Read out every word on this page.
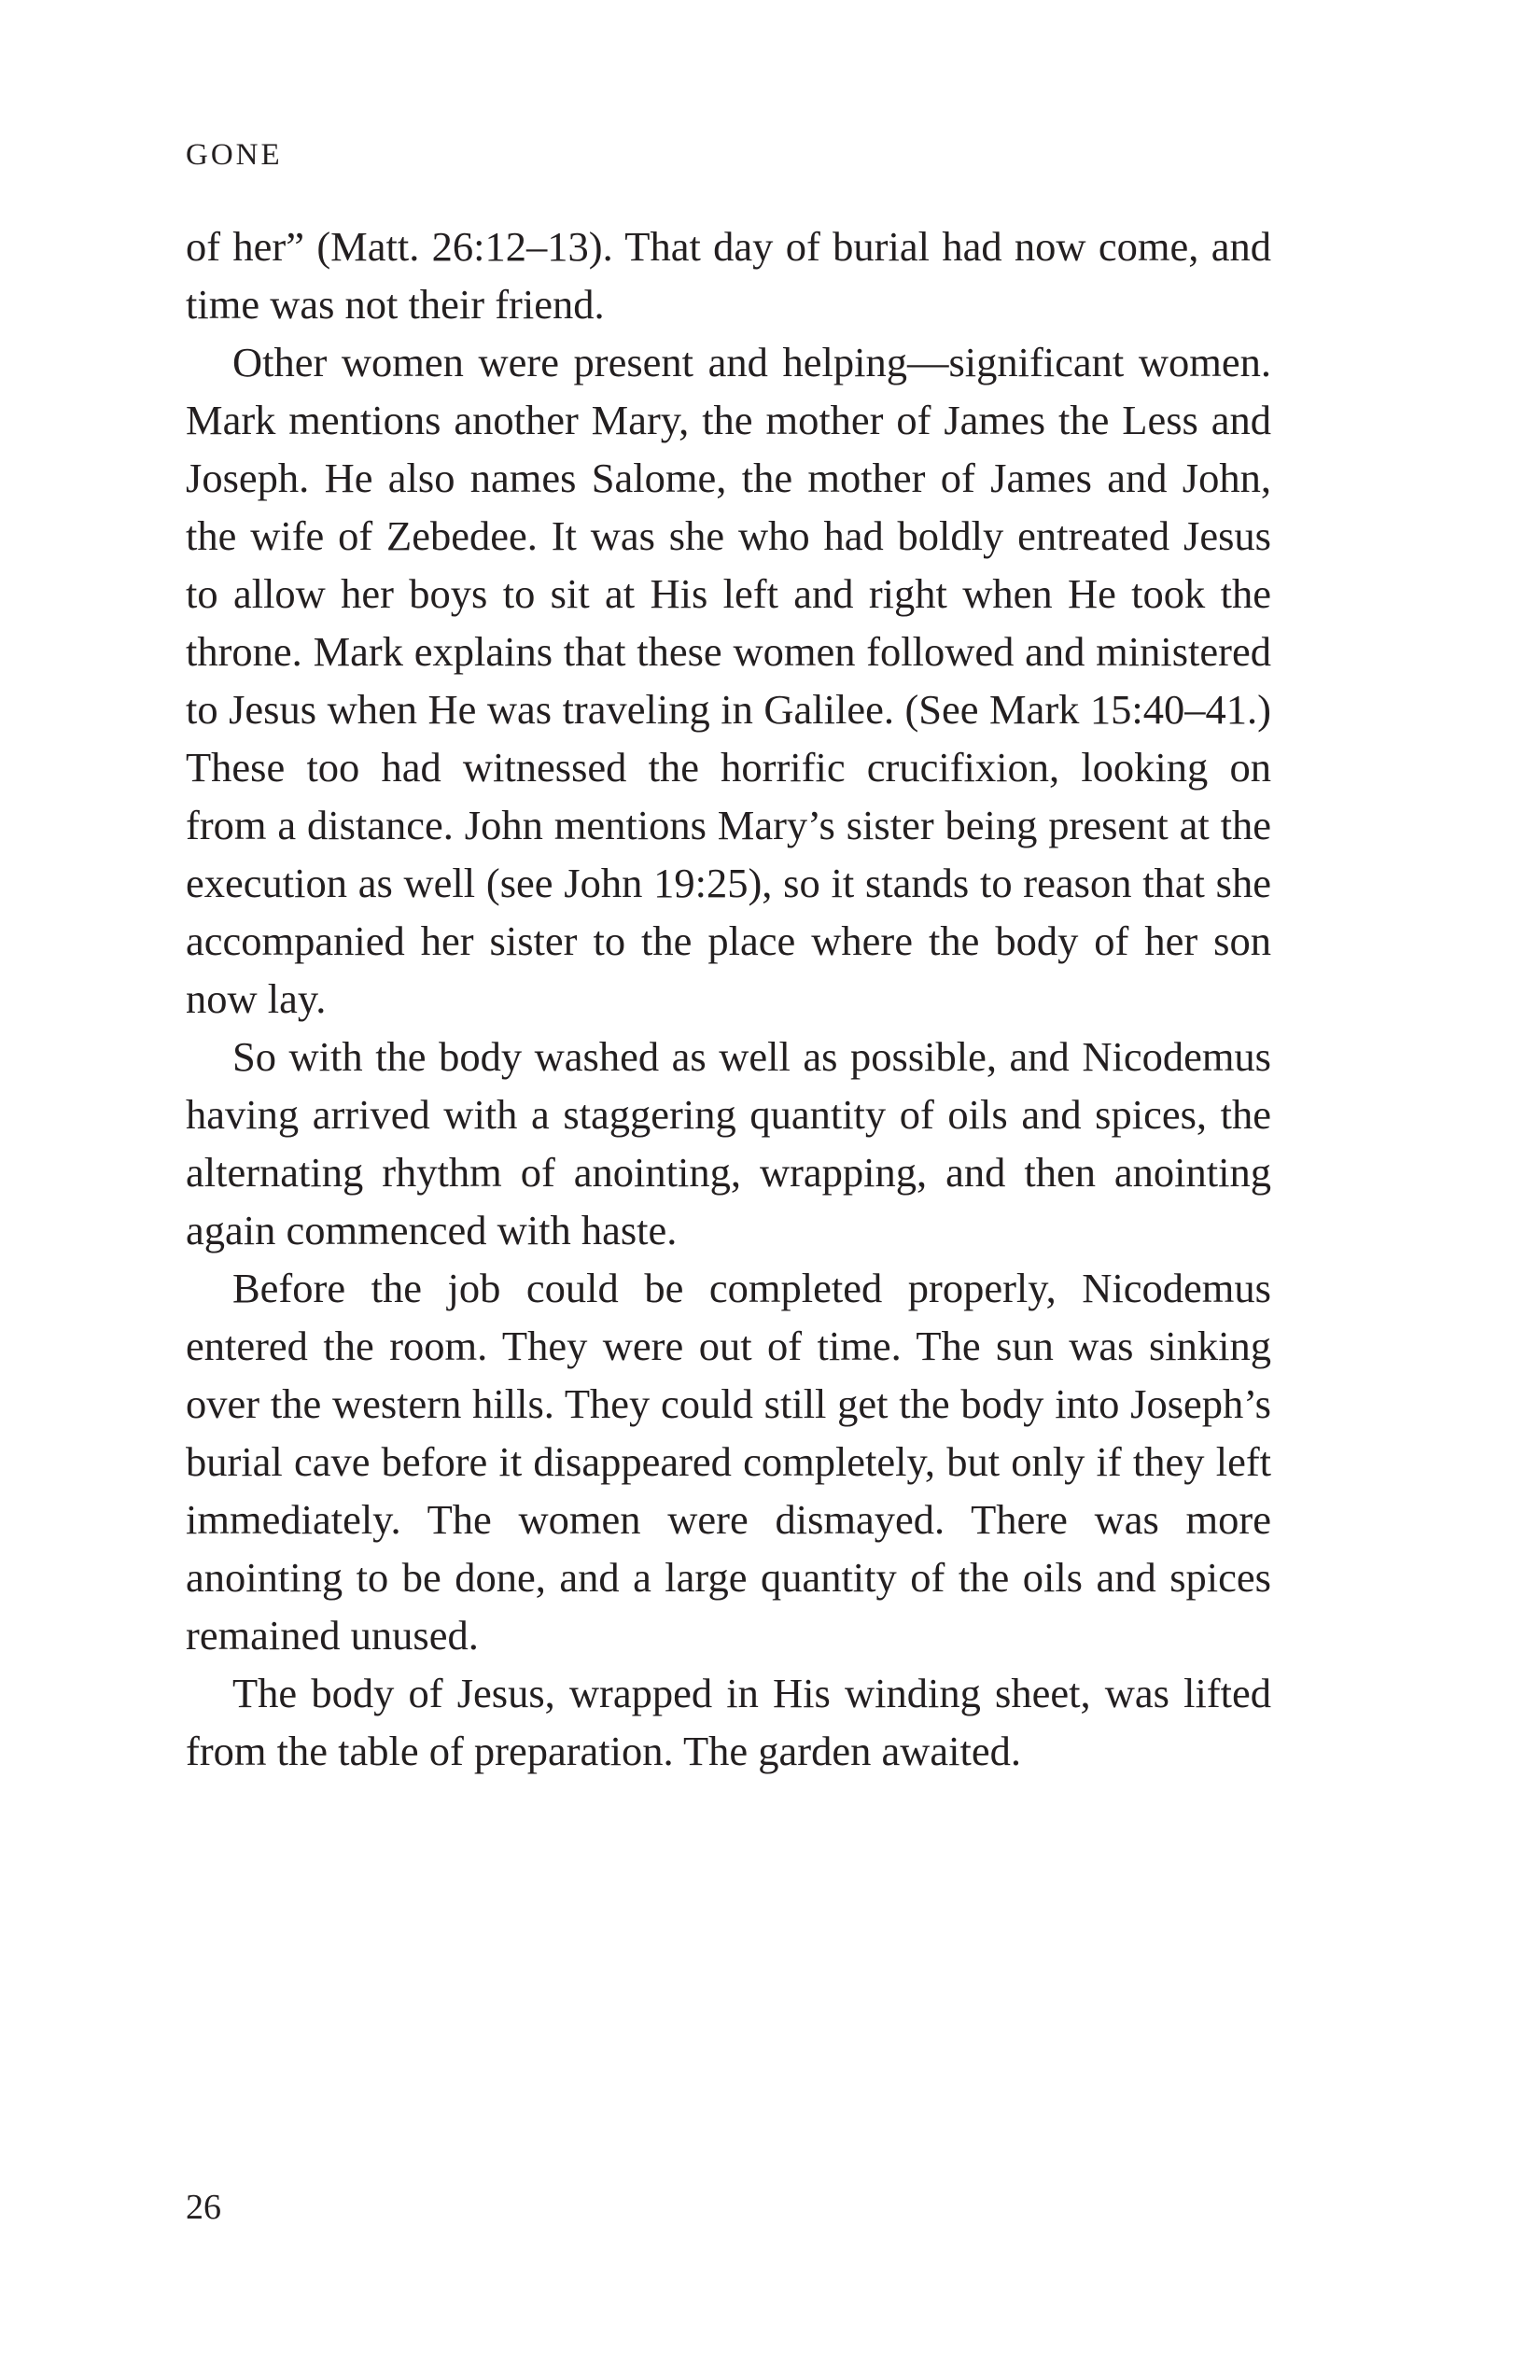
GONE

of her” (Matt. 26:12–13). That day of burial had now come, and time was not their friend.

Other women were present and helping—significant women. Mark mentions another Mary, the mother of James the Less and Joseph. He also names Salome, the mother of James and John, the wife of Zebedee. It was she who had boldly entreated Jesus to allow her boys to sit at His left and right when He took the throne. Mark explains that these women followed and ministered to Jesus when He was traveling in Galilee. (See Mark 15:40–41.) These too had witnessed the horrific crucifixion, looking on from a distance. John mentions Mary’s sister being present at the execution as well (see John 19:25), so it stands to reason that she accompanied her sister to the place where the body of her son now lay.

So with the body washed as well as possible, and Nicodemus having arrived with a staggering quantity of oils and spices, the alternating rhythm of anointing, wrapping, and then anointing again commenced with haste.

Before the job could be completed properly, Nicodemus entered the room. They were out of time. The sun was sinking over the western hills. They could still get the body into Joseph’s burial cave before it disappeared completely, but only if they left immediately. The women were dismayed. There was more anointing to be done, and a large quantity of the oils and spices remained unused.

The body of Jesus, wrapped in His winding sheet, was lifted from the table of preparation. The garden awaited.

26
